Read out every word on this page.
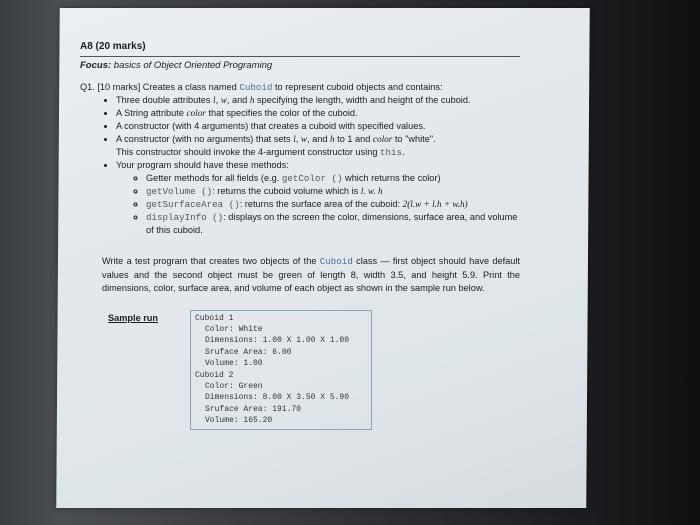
A8 (20 marks)
Focus: basics of Object Oriented Programing
Q1. [10 marks] Creates a class named Cuboid to represent cuboid objects and contains:
• Three double attributes l, w, and h specifying the length, width and height of the cuboid.
• A String attribute color that specifies the color of the cuboid.
• A constructor (with 4 arguments) that creates a cuboid with specified values.
• A constructor (with no arguments) that sets l, w, and h to 1 and color to "white".
This constructor should invoke the 4-argument constructor using this.
• Your program should have these methods:
◦ Getter methods for all fields (e.g. getColor () which returns the color)
◦ getVolume (): returns the cuboid volume which is l. w. h
◦ getSurfaceArea (): returns the surface area of the cuboid: 2(l.w + l.h + w.h)
◦ displayInfo (): displays on the screen the color, dimensions, surface area, and volume of this cuboid.
Write a test program that creates two objects of the Cuboid class — first object should have default values and the second object must be green of length 8, width 3.5, and height 5.9. Print the dimensions, color, surface area, and volume of each object as shown in the sample run below.
Sample run	Cuboid 1
Color: White
Dimensions: 1.00 X 1.00 X 1.00
Sruface Area: 6.00
Volume: 1.00
Cuboid 2
Color: Green
Dimensions: 8.00 X 3.50 X 5.90
Sruface Area: 191.70
Volume: 165.20
